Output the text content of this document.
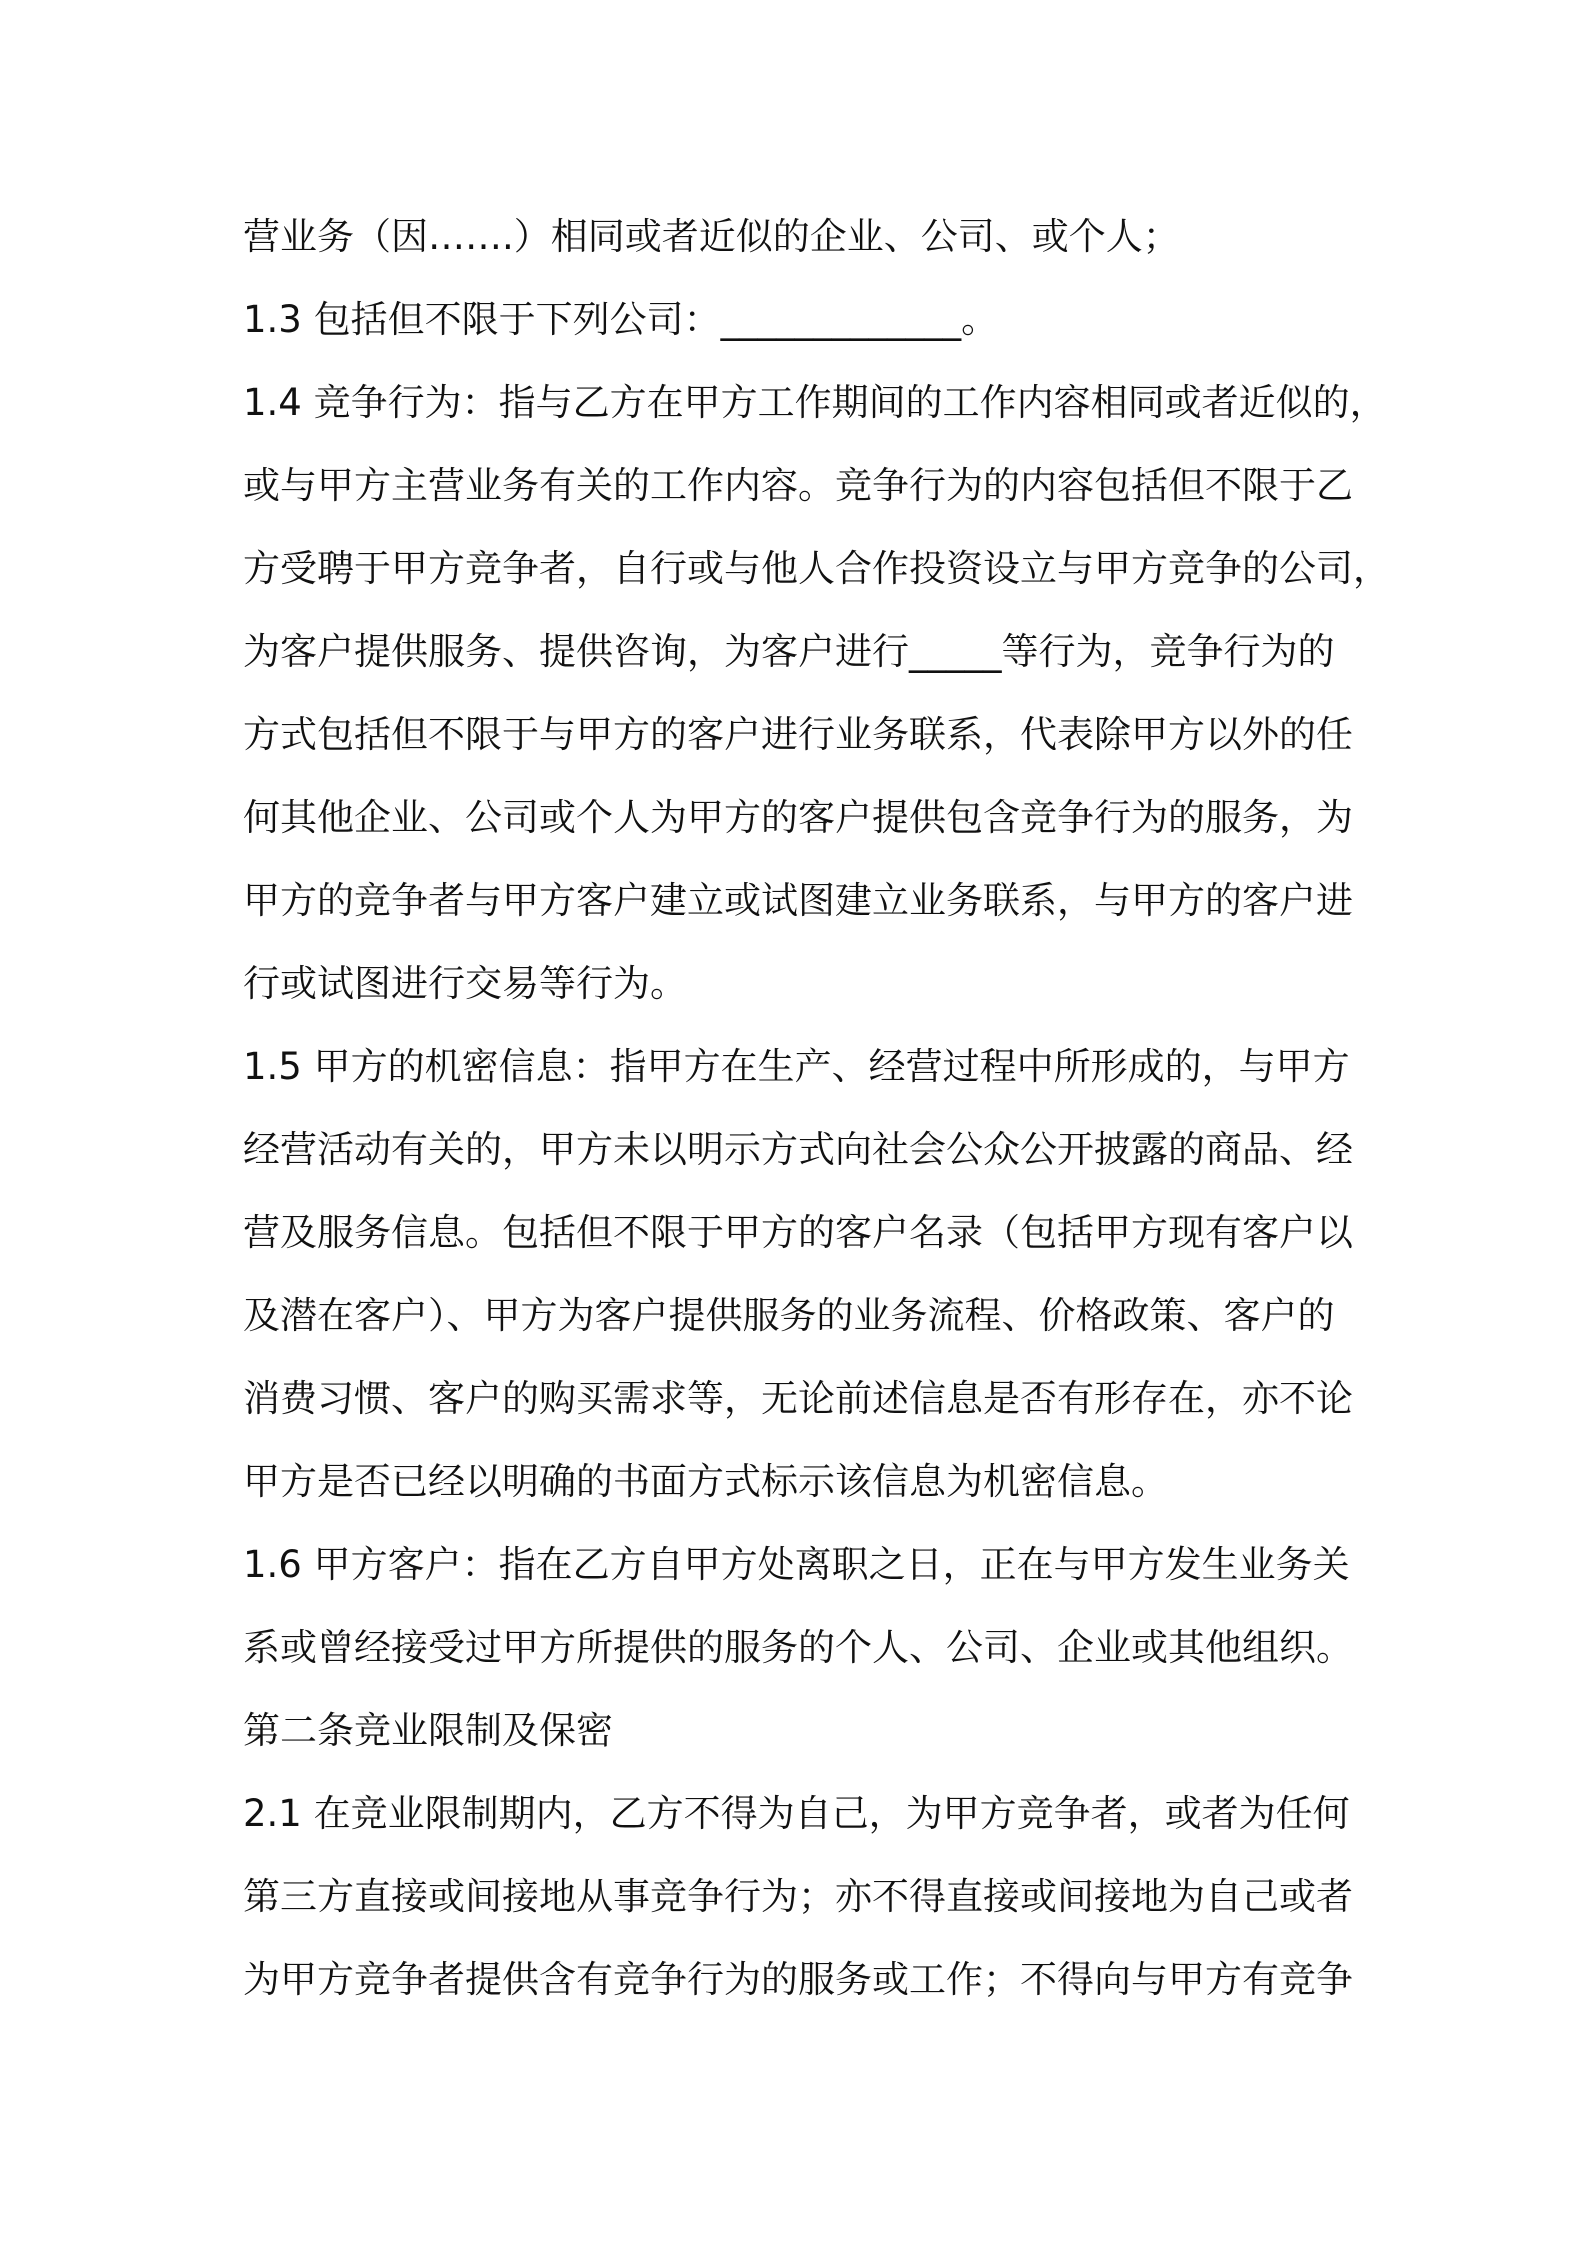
营业务（因…….）相同或者近似的企业、公司、或个人；
1.3 包括但不限于下列公司：_____________。
1.4 竞争行为：指与乙方在甲方工作期间的工作内容相同或者近似的，
或与甲方主营业务有关的工作内容。竞争行为的内容包括但不限于乙
方受聘于甲方竞争者，自行或与他人合作投资设立与甲方竞争的公司，
为客户提供服务、提供咨询，为客户进行_____等行为，竞争行为的
方式包括但不限于与甲方的客户进行业务联系，代表除甲方以外的任
何其他企业、公司或个人为甲方的客户提供包含竞争行为的服务，为
甲方的竞争者与甲方客户建立或试图建立业务联系，与甲方的客户进
行或试图进行交易等行为。
1.5 甲方的机密信息：指甲方在生产、经营过程中所形成的，与甲方
经营活动有关的，甲方未以明示方式向社会公众公开披露的商品、经
营及服务信息。包括但不限于甲方的客户名录（包括甲方现有客户以
及潜在客户）、甲方为客户提供服务的业务流程、价格政策、客户的
消费习惯、客户的购买需求等，无论前述信息是否有形存在，亦不论
甲方是否已经以明确的书面方式标示该信息为机密信息。
1.6 甲方客户：指在乙方自甲方处离职之日，正在与甲方发生业务关
系或曾经接受过甲方所提供的服务的个人、公司、企业或其他组织。
第二条竞业限制及保密
2.1 在竞业限制期内，乙方不得为自己，为甲方竞争者，或者为任何
第三方直接或间接地从事竞争行为；亦不得直接或间接地为自己或者
为甲方竞争者提供含有竞争行为的服务或工作；不得向与甲方有竞争
